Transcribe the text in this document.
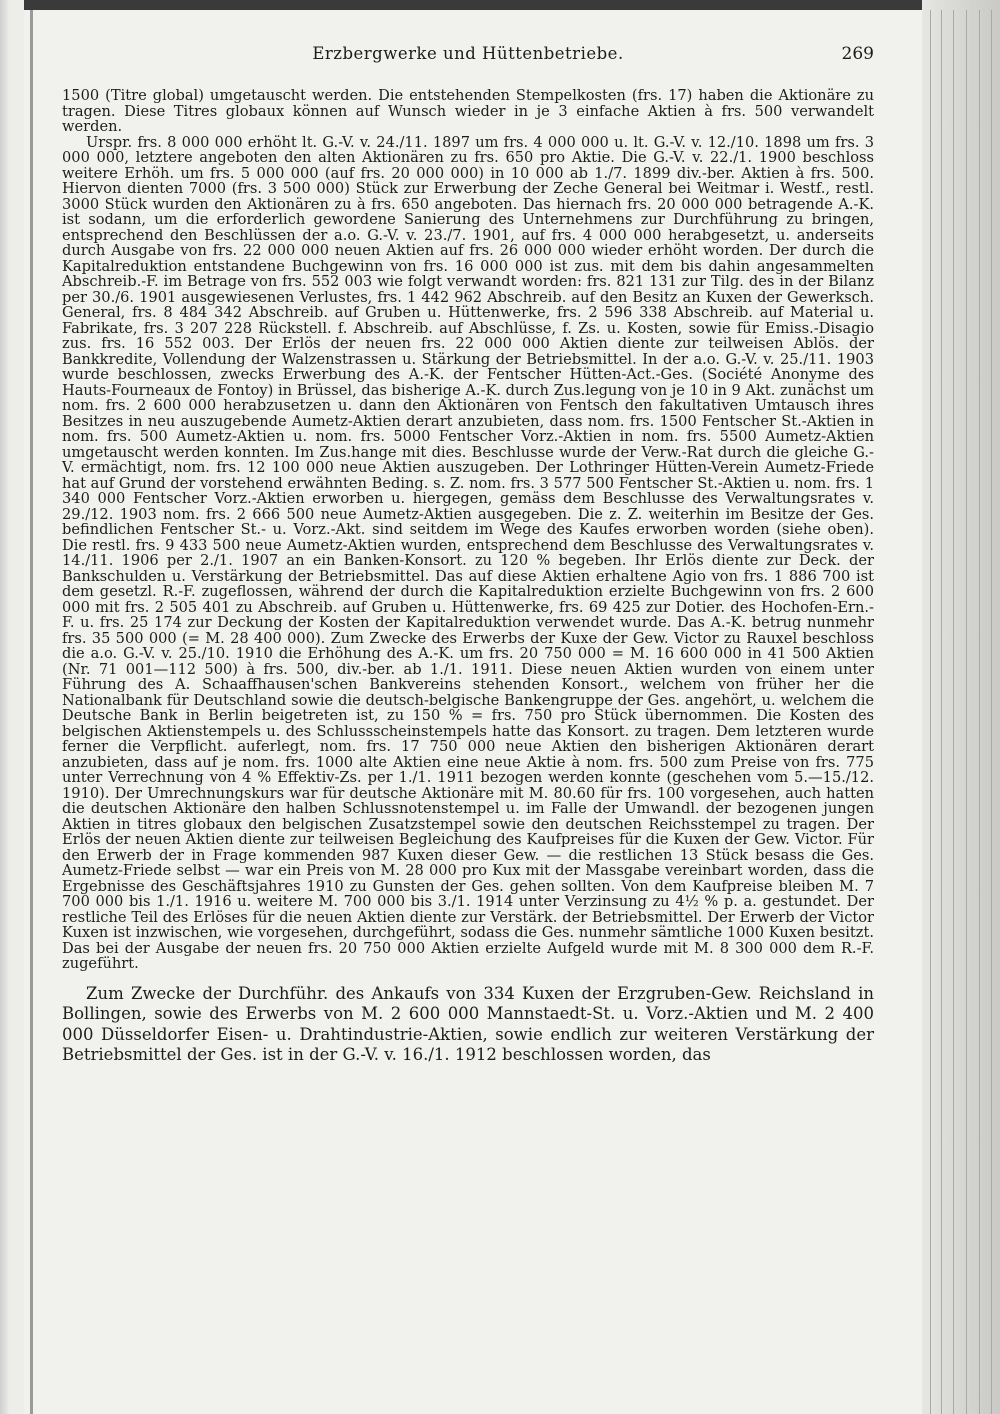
Erzbergwerke und Hüttenbetriebe.	269

1500 (Titre global) umgetauscht werden. Die entstehenden Stempelkosten (frs. 17) haben die Aktionäre zu tragen. Diese Titres globaux können auf Wunsch wieder in je 3 einfache Aktien à frs. 500 verwandelt werden.

Urspr. frs. 8 000 000 erhöht lt. G.-V. v. 24./11. 1897 um frs. 4 000 000 u. lt. G.-V. v. 12./10. 1898 um frs. 3 000 000, letztere angeboten den alten Aktionären zu frs. 650 pro Aktie. Die G.-V. v. 22./1. 1900 beschloss weitere Erhöh. um frs. 5 000 000 (auf frs. 20 000 000) in 10 000 ab 1./7. 1899 div.-ber. Aktien à frs. 500. Hiervon dienten 7000 (frs. 3 500 000) Stück zur Erwerbung der Zeche General bei Weitmar i. Westf., restl. 3000 Stück wurden den Aktionären zu à frs. 650 angeboten. Das hiernach frs. 20 000 000 betragende A.-K. ist sodann, um die erforderlich gewordene Sanierung des Unternehmens zur Durchführung zu bringen, entsprechend den Beschlüssen der a.o. G.-V. v. 23./7. 1901, auf frs. 4 000 000 herabgesetzt, u. anderseits durch Ausgabe von frs. 22 000 000 neuen Aktien auf frs. 26 000 000 wieder erhöht worden. Der durch die Kapitalreduktion entstandene Buchgewinn von frs. 16 000 000 ist zus. mit dem bis dahin angesammelten Abschreib.-F. im Betrage von frs. 552 003 wie folgt verwandt worden: frs. 821 131 zur Tilg. des in der Bilanz per 30./6. 1901 ausgewiesenen Verlustes, frs. 1 442 962 Abschreib. auf den Besitz an Kuxen der Gewerksch. General, frs. 8 484 342 Abschreib. auf Gruben u. Hüttenwerke, frs. 2 596 338 Abschreib. auf Material u. Fabrikate, frs. 3 207 228 Rückstell. f. Abschreib. auf Abschlüsse, f. Zs. u. Kosten, sowie für Emiss.-Disagio zus. frs. 16 552 003. Der Erlös der neuen frs. 22 000 000 Aktien diente zur teilweisen Ablös. der Bankkredite, Vollendung der Walzenstrassen u. Stärkung der Betriebsmittel. In der a.o. G.-V. v. 25./11. 1903 wurde beschlossen, zwecks Erwerbung des A.-K. der Fentscher Hütten-Act.-Ges. (Société Anonyme des Hauts-Fourneaux de Fontoy) in Brüssel, das bisherige A.-K. durch Zus.legung von je 10 in 9 Akt. zunächst um nom. frs. 2 600 000 herabzusetzen u. dann den Aktionären von Fentsch den fakultativen Umtausch ihres Besitzes in neu auszugebende Aumetz-Aktien derart anzubieten, dass nom. frs. 1500 Fentscher St.-Aktien in nom. frs. 500 Aumetz-Aktien u. nom. frs. 5000 Fentscher Vorz.-Aktien in nom. frs. 5500 Aumetz-Aktien umgetauscht werden konnten. Im Zus.hange mit dies. Beschlusse wurde der Verw.-Rat durch die gleiche G.-V. ermächtigt, nom. frs. 12 100 000 neue Aktien auszugeben. Der Lothringer Hütten-Verein Aumetz-Friede hat auf Grund der vorstehend erwähnten Beding. s. Z. nom. frs. 3 577 500 Fentscher St.-Aktien u. nom. frs. 1 340 000 Fentscher Vorz.-Aktien erworben u. hiergegen, gemäss dem Beschlusse des Verwaltungsrates v. 29./12. 1903 nom. frs. 2 666 500 neue Aumetz-Aktien ausgegeben. Die z. Z. weiterhin im Besitze der Ges. befindlichen Fentscher St.- u. Vorz.-Akt. sind seitdem im Wege des Kaufes erworben worden (siehe oben). Die restl. frs. 9 433 500 neue Aumetz-Aktien wurden, entsprechend dem Beschlusse des Verwaltungsrates v. 14./11. 1906 per 2./1. 1907 an ein Banken-Konsort. zu 120 % begeben. Ihr Erlös diente zur Deck. der Bankschulden u. Verstärkung der Betriebsmittel. Das auf diese Aktien erhaltene Agio von frs. 1 886 700 ist dem gesetzl. R.-F. zugeflossen, während der durch die Kapitalreduktion erzielte Buchgewinn von frs. 2 600 000 mit frs. 2 505 401 zu Abschreib. auf Gruben u. Hüttenwerke, frs. 69 425 zur Dotier. des Hochofen-Ern.-F. u. frs. 25 174 zur Deckung der Kosten der Kapitalreduktion verwendet wurde. Das A.-K. betrug nunmehr frs. 35 500 000 (= M. 28 400 000). Zum Zwecke des Erwerbs der Kuxe der Gew. Victor zu Rauxel beschloss die a.o. G.-V. v. 25./10. 1910 die Erhöhung des A.-K. um frs. 20 750 000 = M. 16 600 000 in 41 500 Aktien (Nr. 71 001—112 500) à frs. 500, div.-ber. ab 1./1. 1911. Diese neuen Aktien wurden von einem unter Führung des A. Schaaffhausen'schen Bankvereins stehenden Konsort., welchem von früher her die Nationalbank für Deutschland sowie die deutsch-belgische Bankengruppe der Ges. angehört, u. welchem die Deutsche Bank in Berlin beigetreten ist, zu 150 % = frs. 750 pro Stück übernommen. Die Kosten des belgischen Aktienstempels u. des Schlussscheinstempels hatte das Konsort. zu tragen. Dem letzteren wurde ferner die Verpflicht. auferlegt, nom. frs. 17 750 000 neue Aktien den bisherigen Aktionären derart anzubieten, dass auf je nom. frs. 1000 alte Aktien eine neue Aktie à nom. frs. 500 zum Preise von frs. 775 unter Verrechnung von 4 % Effektiv-Zs. per 1./1. 1911 bezogen werden konnte (geschehen vom 5.—15./12. 1910). Der Umrechnungskurs war für deutsche Aktionäre mit M. 80.60 für frs. 100 vorgesehen, auch hatten die deutschen Aktionäre den halben Schlussnotenstempel u. im Falle der Umwandl. der bezogenen jungen Aktien in titres globaux den belgischen Zusatzstempel sowie den deutschen Reichsstempel zu tragen. Der Erlös der neuen Aktien diente zur teilweisen Begleichung des Kaufpreises für die Kuxen der Gew. Victor. Für den Erwerb der in Frage kommenden 987 Kuxen dieser Gew. — die restlichen 13 Stück besass die Ges. Aumetz-Friede selbst — war ein Preis von M. 28 000 pro Kux mit der Massgabe vereinbart worden, dass die Ergebnisse des Geschäftsjahres 1910 zu Gunsten der Ges. gehen sollten. Von dem Kaufpreise bleiben M. 7 700 000 bis 1./1. 1916 u. weitere M. 700 000 bis 3./1. 1914 unter Verzinsung zu 4½ % p. a. gestundet. Der restliche Teil des Erlöses für die neuen Aktien diente zur Verstärk. der Betriebsmittel. Der Erwerb der Victor Kuxen ist inzwischen, wie vorgesehen, durchgeführt, sodass die Ges. nunmehr sämtliche 1000 Kuxen besitzt. Das bei der Ausgabe der neuen frs. 20 750 000 Aktien erzielte Aufgeld wurde mit M. 8 300 000 dem R.-F. zugeführt.

Zum Zwecke der Durchführ. des Ankaufs von 334 Kuxen der Erzgruben-Gew. Reichsland in Bollingen, sowie des Erwerbs von M. 2 600 000 Mannstaedt-St. u. Vorz.-Aktien und M. 2 400 000 Düsseldorfer Eisen- u. Drahtindustrie-Aktien, sowie endlich zur weiteren Verstärkung der Betriebsmittel der Ges. ist in der G.-V. v. 16./1. 1912 beschlossen worden, das
